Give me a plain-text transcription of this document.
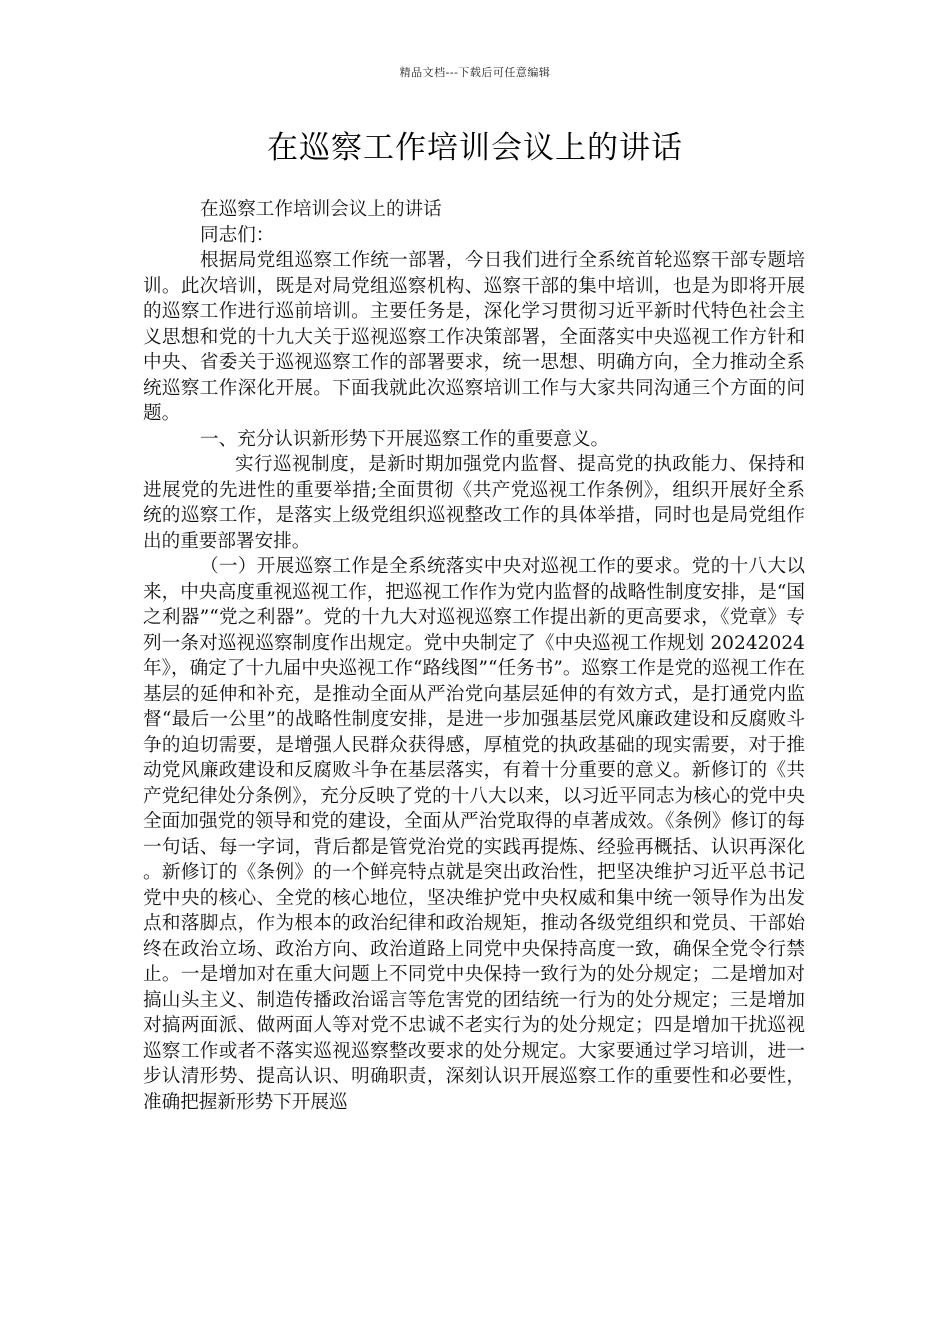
精品文档---下载后可任意编辑
在巡察工作培训会议上的讲话

在巡察工作培训会议上的讲话

同志们：

根据局党组巡察工作统一部署，今日我们进行全系统首轮巡察干部专题培训。此次培训，既是对局党组巡察机构、巡察干部的集中培训，也是为即将开展的巡察工作进行巡前培训。主要任务是，深化学习贯彻习近平新时代特色社会主义思想和党的十九大关于巡视巡察工作决策部署，全面落实中央巡视工作方针和中央、省委关于巡视巡察工作的部署要求，统一思想、明确方向，全力推动全系统巡察工作深化开展。下面我就此次巡察培训工作与大家共同沟通三个方面的问题。

一、充分认识新形势下开展巡察工作的重要意义。

实行巡视制度，是新时期加强党内监督、提高党的执政能力、保持和进展党的先进性的重要举措;全面贯彻《共产党巡视工作条例》，组织开展好全系统的巡察工作，是落实上级党组织巡视整改工作的具体举措，同时也是局党组作出的重要部署安排。

（一）开展巡察工作是全系统落实中央对巡视工作的要求。党的十八大以来，中央高度重视巡视工作，把巡视工作作为党内监督的战略性制度安排，是“国之利器”“党之利器”。党的十九大对巡视巡察工作提出新的更高要求，《党章》专列一条对巡视巡察制度作出规定。党中央制定了《中央巡视工作规划 20242024 年》，确定了十九届中央巡视工作“路线图”“任务书”。巡察工作是党的巡视工作在基层的延伸和补充，是推动全面从严治党向基层延伸的有效方式，是打通党内监督“最后一公里”的战略性制度安排，是进一步加强基层党风廉政建设和反腐败斗争的迫切需要，是增强人民群众获得感，厚植党的执政基础的现实需要，对于推动党风廉政建设和反腐败斗争在基层落实，有着十分重要的意义。新修订的《共产党纪律处分条例》，充分反映了党的十八大以来，以习近平同志为核心的党中央全面加强党的领导和党的建设，全面从严治党取得的卓著成效。《条例》修订的每一句话、每一字词，背后都是管党治党的实践再提炼、经验再概括、认识再深化。新修订的《条例》的一个鲜亮特点就是突出政治性，把坚决维护习近平总书记党中央的核心、全党的核心地位，坚决维护党中央权威和集中统一领导作为出发点和落脚点，作为根本的政治纪律和政治规矩，推动各级党组织和党员、干部始终在政治立场、政治方向、政治道路上同党中央保持高度一致，确保全党令行禁止。一是增加对在重大问题上不同党中央保持一致行为的处分规定；二是增加对搞山头主义、制造传播政治谣言等危害党的团结统一行为的处分规定；三是增加对搞两面派、做两面人等对党不忠诚不老实行为的处分规定；四是增加干扰巡视巡察工作或者不落实巡视巡察整改要求的处分规定。大家要通过学习培训，进一步认清形势、提高认识、明确职责，深刻认识开展巡察工作的重要性和必要性，准确把握新形势下开展巡
